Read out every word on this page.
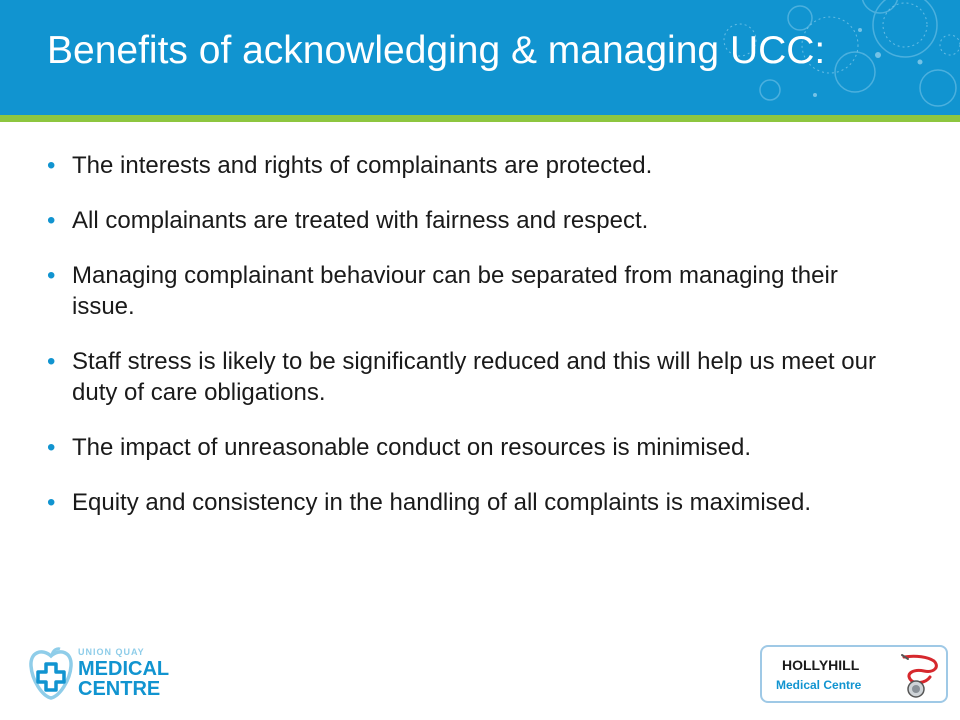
Benefits of acknowledging & managing UCC:
• The interests and rights of complainants are protected.
• All complainants are treated with fairness and respect.
• Managing complainant behaviour can be separated from managing their issue.
• Staff stress is likely to be significantly reduced and this will help us meet our duty of care obligations.
• The impact of unreasonable conduct on resources is minimised.
• Equity and consistency in the handling of all complaints is maximised.
UNION QUAY
MEDICAL
CENTRE
HOLLYHILL
Medical Centre
